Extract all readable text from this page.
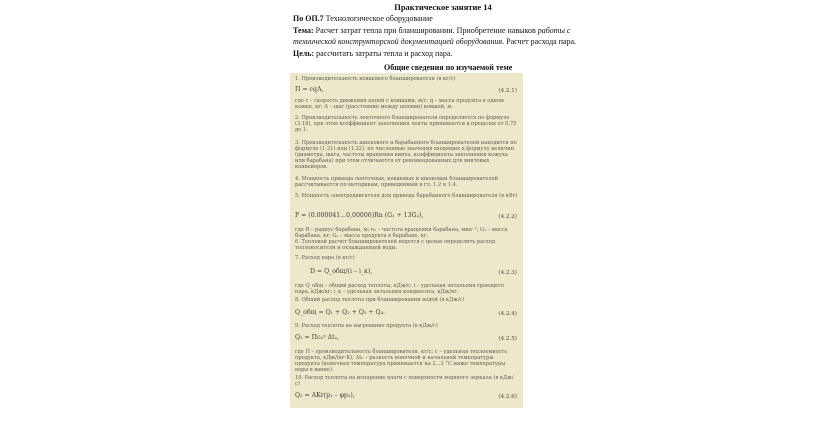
Практическое занятие 14
По ОП.7 Технологическое оборудование
Тема: Расчет затрат тепла при бланшировании. Приобретение навыков работы с
технической конструкторской документацией оборудования. Расчет расхода пара.
Цель: рассчитать затраты тепла и расход пара.
Общие сведения по изучаемой теме
1. Производительность ковшового бланширователя (в кг/с)
П = сqА,	(4.2.1)
где с – скорость движения цепей с ковшами, м/с; q – масса продукта в одном ковше, кг; А – шаг (расстояние между цепями) ковшей, м.
2. Производительность ленточного бланширователя определяется по формуле (3.18), при этом коэффициент заполнения ленты принимается в пределах от 0,75 до 1.
3. Производительность шнекового и барабанного бланширователей находится по формуле (1.21) или (1.22), по численные значения входящих в формулу величин (диаметра, шага, частоты вращения винта, коэффициента заполнения кожуха или барабана) при этом отличаются от рекомендованных для винтовых конвейеров.
4. Мощность привода ленточных, ковшовых и шнековых бланширователей рассчитывается по методикам, приведенным в гл. 1.2 и 1.4.
5. Мощность электродвигателя для привода барабанного бланширователя (в кВт)
Р = (0.000041...0,00006)Rn (G₁ + 13G₂),	(4.2.2)
где R – радиус барабана, м; n₁ – частота вращения барабана, мин⁻¹; G₁ – масса барабана, кг; G₂ – масса продукта в барабане, кг.
6. Тепловой расчет бланширователей ведется с целью определить расход теплоносителя и охлаждающей воды.
7. Расход пара (в кг/с)
D = Q_общ/(i – i_к),	(4.2.3)
где Q_общ – общий расход теплоты, кДж/с; i – удельная энтальпия греющего пара, кДж/кг; i_к – удельная энтальпия конденсата, кДж/кг.
8. Общий расход теплоты при бланшировании водой (в кДж/с)
Q_общ = Q₁ + Q₂ + Q₃ + Q₄.	(4.2.4)
9. Расход теплоты на нагревание продукта (в кДж/с)
Q₁ = Псₙᵖ Δtₙ,	(4.2.5)
где П – производительность бланширователя, кг/с; с – удельная теплоемкость продукта, кДж/(кг·К); Δtₙ – разность конечной и начальной температуры продукта (конечная температура принимается на 2...3 °С ниже температуры воды в ванне).
10. Расход теплоты на испарение влаги с поверхности водяного зеркала (в кДж/с)
Q₂ = AKr(p₁ – φp₂),	(4.2.6)
